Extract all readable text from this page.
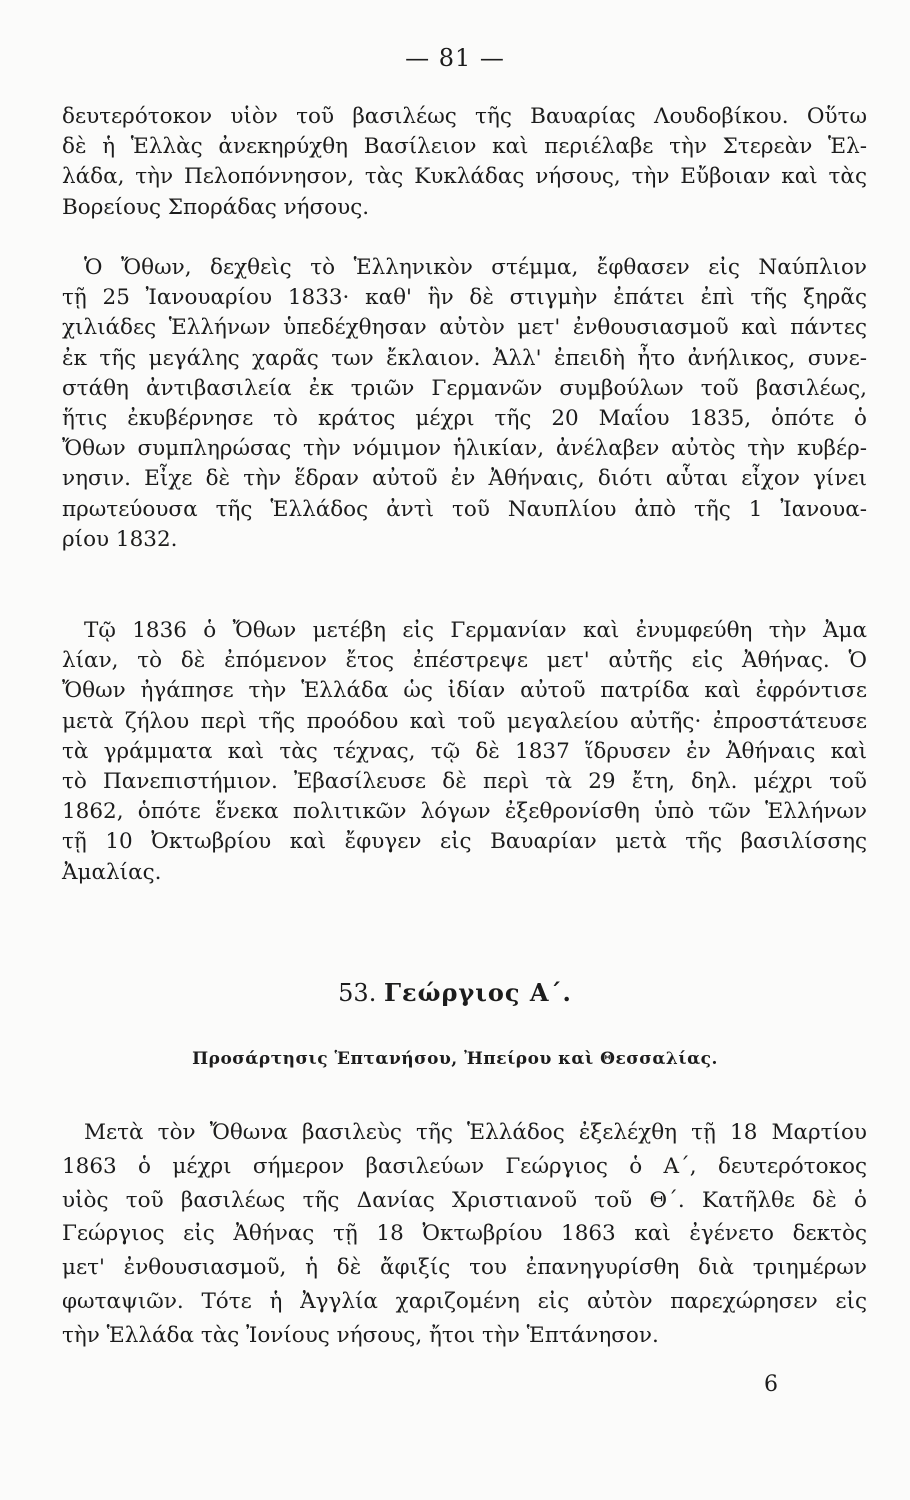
— 81 —
δευτερότοκον υἱὸν τοῦ βασιλέως τῆς Βαυαρίας Λουδοβίκου. Οὕτω
δὲ ἡ Ἑλλὰς ἀνεκηρύχθη Βασίλειον καὶ περιέλαβε τὴν Στερεὰν Ἑλ-
λάδα, τὴν Πελοπόννησον, τὰς Κυκλάδας νήσους, τὴν Εὔβοιαν καὶ τὰς
Βορείους Σποράδας νήσους.
Ὁ Ὄθων, δεχθεὶς τὸ Ἑλληνικὸν στέμμα, ἔφθασεν εἰς Ναύπλιον
τῇ 25 Ἰανουαρίου 1833· καθ' ἣν δὲ στιγμὴν ἐπάτει ἐπὶ τῆς ξηρᾶς
χιλιάδες Ἑλλήνων ὑπεδέχθησαν αὐτὸν μετ' ἐνθουσιασμοῦ καὶ πάντες
ἐκ τῆς μεγάλης χαρᾶς των ἔκλαιον. Ἀλλ' ἐπειδὴ ἦτο ἀνήλικος, συνε-
στάθη ἀντιβασιλεία ἐκ τριῶν Γερμανῶν συμβούλων τοῦ βασιλέως,
ἥτις ἐκυβέρνησε τὸ κράτος μέχρι τῆς 20 Μαΐου 1835, ὁπότε ὁ
Ὄθων συμπληρώσας τὴν νόμιμον ἡλικίαν, ἀνέλαβεν αὐτὸς τὴν κυβέρ-
νησιν. Εἶχε δὲ τὴν ἕδραν αὐτοῦ ἐν Ἀθήναις, διότι αὗται εἶχον γίνει
πρωτεύουσα τῆς Ἑλλάδος ἀντὶ τοῦ Ναυπλίου ἀπὸ τῆς 1 Ἰανουα-
ρίου 1832.
Τῷ 1836 ὁ Ὄθων μετέβη εἰς Γερμανίαν καὶ ἐνυμφεύθη τὴν Ἀμα
λίαν, τὸ δὲ ἐπόμενον ἔτος ἐπέστρεψε μετ' αὐτῆς εἰς Ἀθήνας. Ὁ
Ὄθων ἠγάπησε τὴν Ἑλλάδα ὡς ἰδίαν αὐτοῦ πατρίδα καὶ ἐφρόντισε
μετὰ ζήλου περὶ τῆς προόδου καὶ τοῦ μεγαλείου αὐτῆς· ἐπροστάτευσε
τὰ γράμματα καὶ τὰς τέχνας, τῷ δὲ 1837 ἵδρυσεν ἐν Ἀθήναις καὶ
τὸ Πανεπιστήμιον. Ἐβασίλευσε δὲ περὶ τὰ 29 ἔτη, δηλ. μέχρι τοῦ
1862, ὁπότε ἕνεκα πολιτικῶν λόγων ἐξεθρονίσθη ὑπὸ τῶν Ἑλλήνων
τῇ 10 Ὀκτωβρίου καὶ ἔφυγεν εἰς Βαυαρίαν μετὰ τῆς βασιλίσσης
Ἀμαλίας.
53. Γεώργιος Α΄.
Προσάρτησις Ἑπτανήσου, Ἠπείρου καὶ Θεσσαλίας.
Μετὰ τὸν Ὄθωνα βασιλεὺς τῆς Ἑλλάδος ἐξελέχθη τῇ 18 Μαρτίου
1863 ὁ μέχρι σήμερον βασιλεύων Γεώργιος ὁ Α΄, δευτερότοκος
υἱὸς τοῦ βασιλέως τῆς Δανίας Χριστιανοῦ τοῦ Θ΄. Κατῆλθε δὲ ὁ
Γεώργιος εἰς Ἀθήνας τῇ 18 Ὀκτωβρίου 1863 καὶ ἐγένετο δεκτὸς
μετ' ἐνθουσιασμοῦ, ἡ δὲ ἄφιξίς του ἐπανηγυρίσθη διὰ τριημέρων
φωταψιῶν. Τότε ἡ Ἀγγλία χαριζομένη εἰς αὐτὸν παρεχώρησεν εἰς
τὴν Ἑλλάδα τὰς Ἰονίους νήσους, ἤτοι τὴν Ἑπτάνησον.
6
